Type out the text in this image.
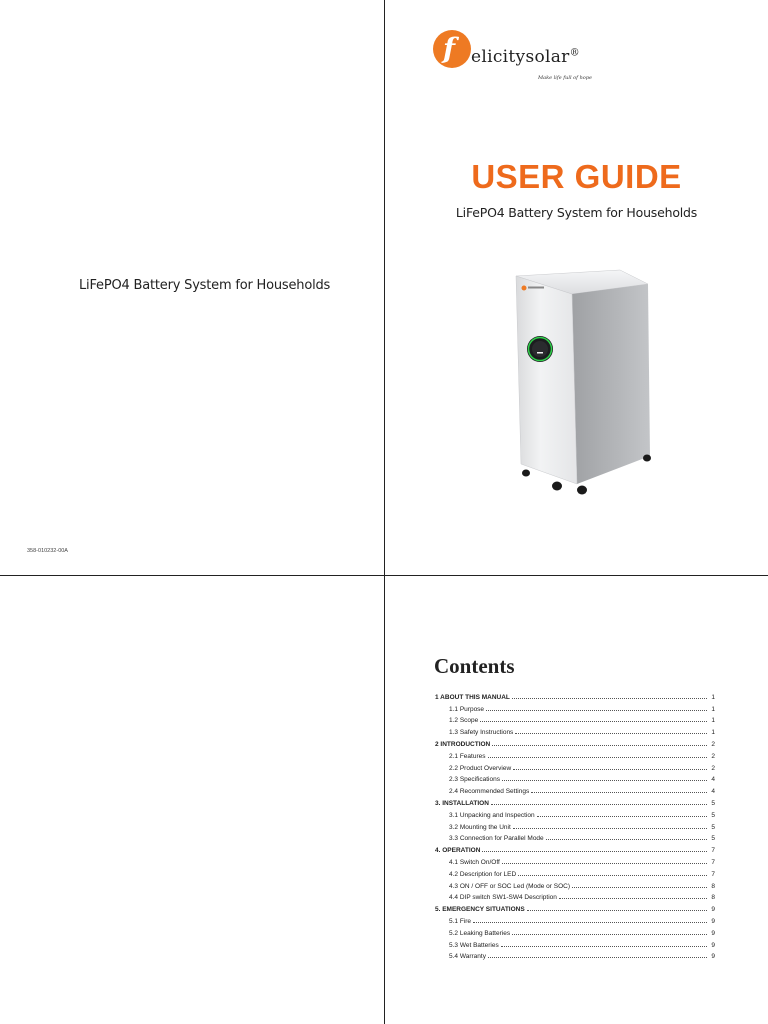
LiFePO4 Battery System for Households
358-010232-00A
f elicitysolar®
Make life full of hope
USER GUIDE
LiFePO4 Battery System for Households
Contents
1 ABOUT THIS MANUAL	1
1.1 Purpose	1
1.2 Scope	1
1.3 Safety Instructions	1
2 INTRODUCTION	2
2.1 Features	2
2.2 Product Overview	2
2.3 Specifications	4
2.4 Recommended Settings	4
3. INSTALLATION	5
3.1 Unpacking and Inspection	5
3.2 Mounting the Unit	5
3.3 Connection for Parallel Mode	5
4. OPERATION	7
4.1 Switch On/Off	7
4.2 Description for LED	7
4.3 ON / OFF or SOC Led (Mode or SOC)	8
4.4 DIP switch SW1-SW4 Description	8
5. EMERGENCY SITUATIONS	9
5.1 Fire	9
5.2 Leaking Batteries	9
5.3 Wet Batteries	9
5.4 Warranty	9
